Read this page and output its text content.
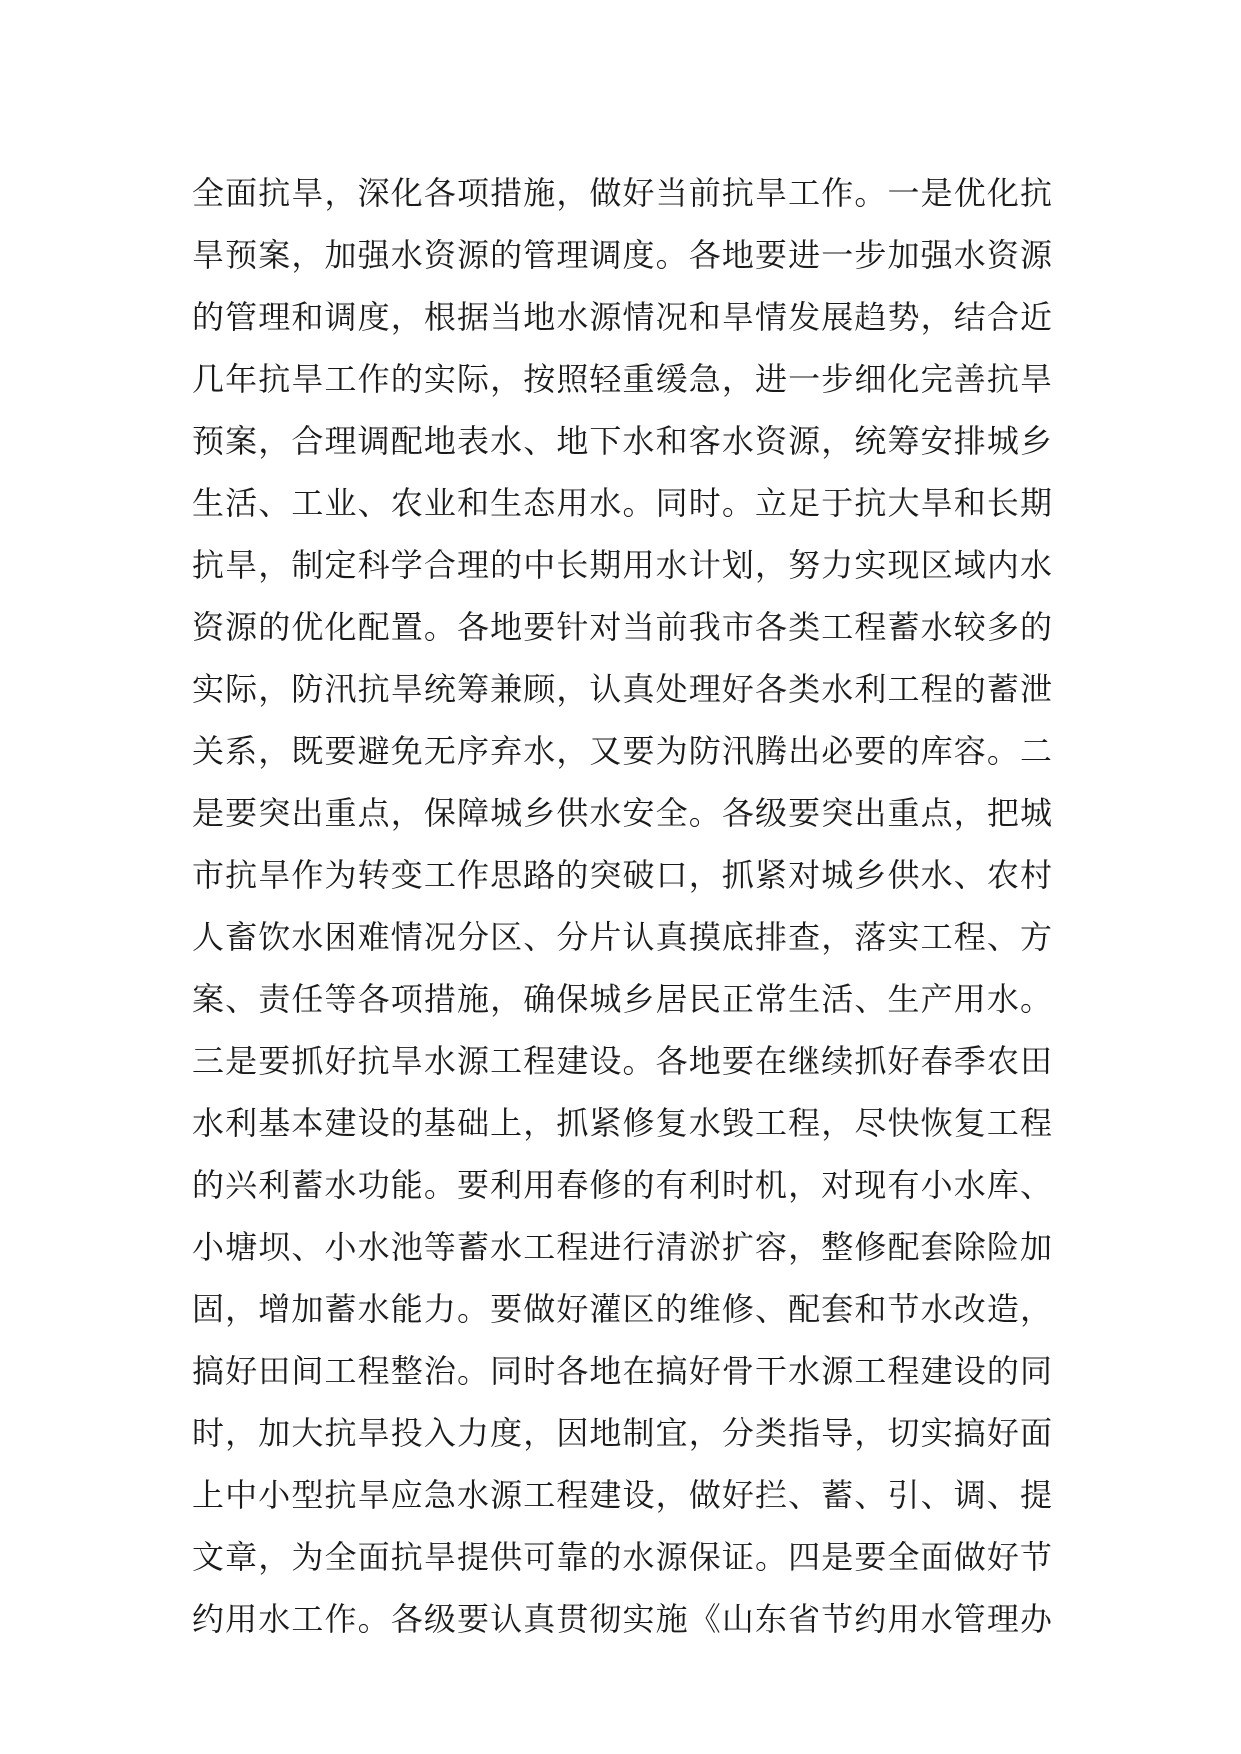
全面抗旱，深化各项措施，做好当前抗旱工作。一是优化抗
旱预案，加强水资源的管理调度。各地要进一步加强水资源
的管理和调度，根据当地水源情况和旱情发展趋势，结合近
几年抗旱工作的实际，按照轻重缓急，进一步细化完善抗旱
预案，合理调配地表水、地下水和客水资源，统筹安排城乡
生活、工业、农业和生态用水。同时。立足于抗大旱和长期
抗旱，制定科学合理的中长期用水计划，努力实现区域内水
资源的优化配置。各地要针对当前我市各类工程蓄水较多的
实际，防汛抗旱统筹兼顾，认真处理好各类水利工程的蓄泄
关系，既要避免无序弃水，又要为防汛腾出必要的库容。二
是要突出重点，保障城乡供水安全。各级要突出重点，把城
市抗旱作为转变工作思路的突破口，抓紧对城乡供水、农村
人畜饮水困难情况分区、分片认真摸底排查，落实工程、方
案、责任等各项措施，确保城乡居民正常生活、生产用水。
三是要抓好抗旱水源工程建设。各地要在继续抓好春季农田
水利基本建设的基础上，抓紧修复水毁工程，尽快恢复工程
的兴利蓄水功能。要利用春修的有利时机，对现有小水库、
小塘坝、小水池等蓄水工程进行清淤扩容，整修配套除险加
固，增加蓄水能力。要做好灌区的维修、配套和节水改造，
搞好田间工程整治。同时各地在搞好骨干水源工程建设的同
时，加大抗旱投入力度，因地制宜，分类指导，切实搞好面
上中小型抗旱应急水源工程建设，做好拦、蓄、引、调、提
文章，为全面抗旱提供可靠的水源保证。四是要全面做好节
约用水工作。各级要认真贯彻实施《山东省节约用水管理办
